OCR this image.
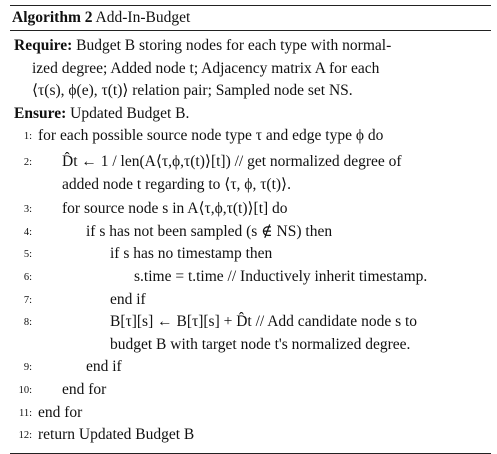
Algorithm 2 Add-In-Budget
Require: Budget B storing nodes for each type with normal-
ized degree; Added node t; Adjacency matrix A for each
⟨τ(s), ϕ(e), τ(t)⟩ relation pair; Sampled node set NS.
Ensure: Updated Budget B.
1: for each possible source node type τ and edge type ϕ do
2:	D̂t ← 1 / len(A⟨τ,ϕ,τ(t)⟩[t]) // get normalized degree of
added node t regarding to ⟨τ, ϕ, τ(t)⟩.
3:	for source node s in A⟨τ,ϕ,τ(t)⟩[t] do
4:	if s has not been sampled (s ∉ NS) then
5:	if s has no timestamp then
6:	s.time = t.time // Inductively inherit timestamp.
7:	end if
8:	B[τ][s] ← B[τ][s] + D̂t // Add candidate node s to
budget B with target node t's normalized degree.
9:	end if
10:	end for
11: end for
12: return Updated Budget B
